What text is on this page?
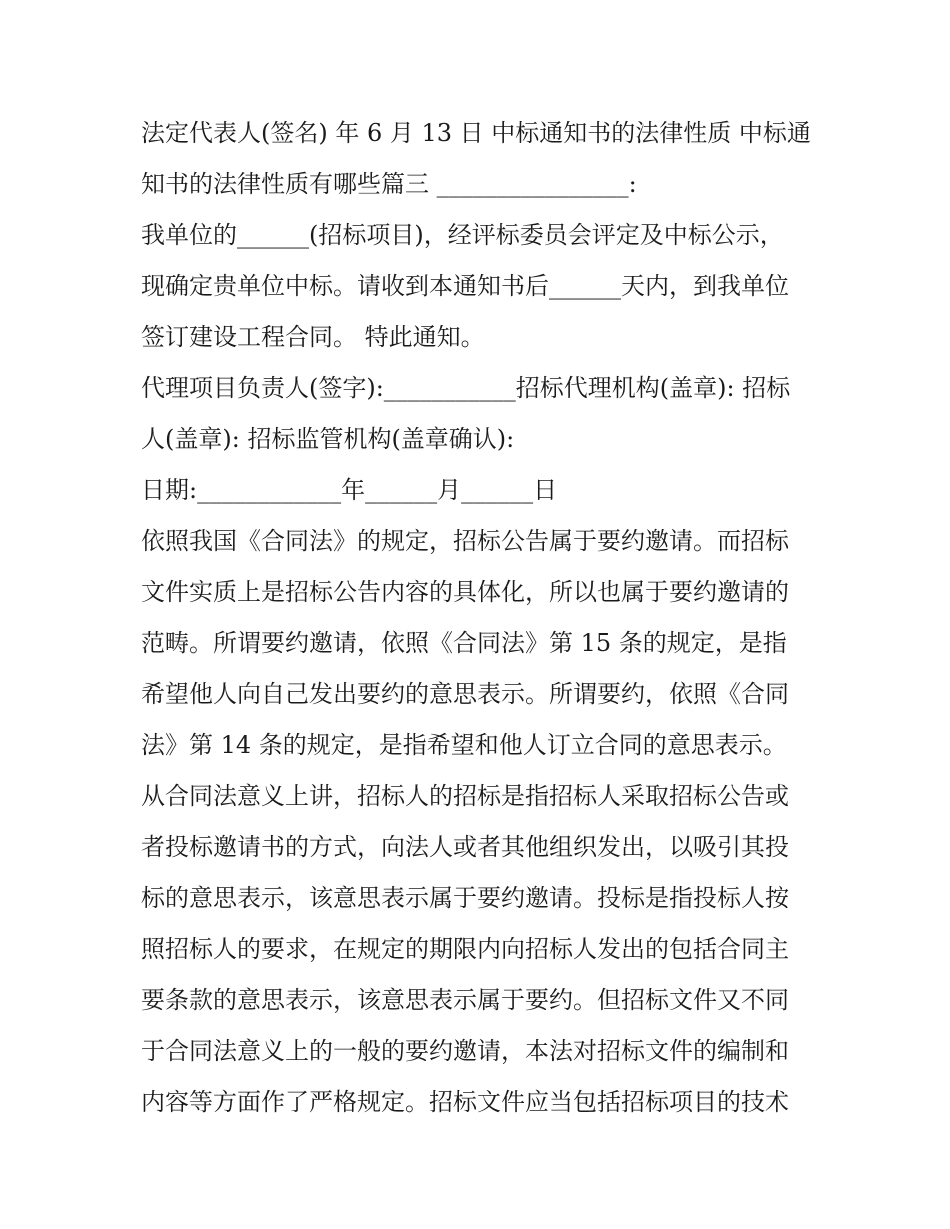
法定代表人(签名) 年 6 月 13 日 中标通知书的法律性质 中标通
知书的法律性质有哪些篇三 ________________:
我单位的______(招标项目)，经评标委员会评定及中标公示，
现确定贵单位中标。请收到本通知书后______天内，到我单位
签订建设工程合同。 特此通知。
代理项目负责人(签字):___________招标代理机构(盖章): 招标
人(盖章): 招标监管机构(盖章确认):
日期:____________年______月______日
依照我国《合同法》的规定，招标公告属于要约邀请。而招标
文件实质上是招标公告内容的具体化，所以也属于要约邀请的
范畴。所谓要约邀请，依照《合同法》第 15 条的规定，是指
希望他人向自己发出要约的意思表示。所谓要约，依照《合同
法》第 14 条的规定，是指希望和他人订立合同的意思表示。
从合同法意义上讲，招标人的招标是指招标人采取招标公告或
者投标邀请书的方式，向法人或者其他组织发出，以吸引其投
标的意思表示，该意思表示属于要约邀请。投标是指投标人按
照招标人的要求，在规定的期限内向招标人发出的包括合同主
要条款的意思表示，该意思表示属于要约。但招标文件又不同
于合同法意义上的一般的要约邀请，本法对招标文件的编制和
内容等方面作了严格规定。招标文件应当包括招标项目的技术
